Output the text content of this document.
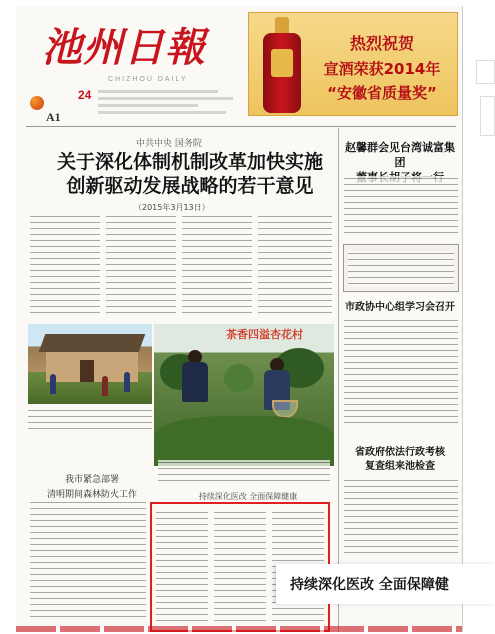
池州日報
CHIZHOU DAILY
24
A1
热烈祝贺
宣酒荣获2014年
“安徽省质量奖”
中共中央 国务院
关于深化体制机制改革加快实施
创新驱动发展战略的若干意见
（2015年3月13日）
赵馨群会见台湾诚富集团
市政协中心组学习会召开
省政府依法行政考核
复查组来池检查
茶香四溢杏花村
我市紧急部署
清明期间森林防火工作	持续深化医改 全面保障健康
持续深化医改 全面保障健
